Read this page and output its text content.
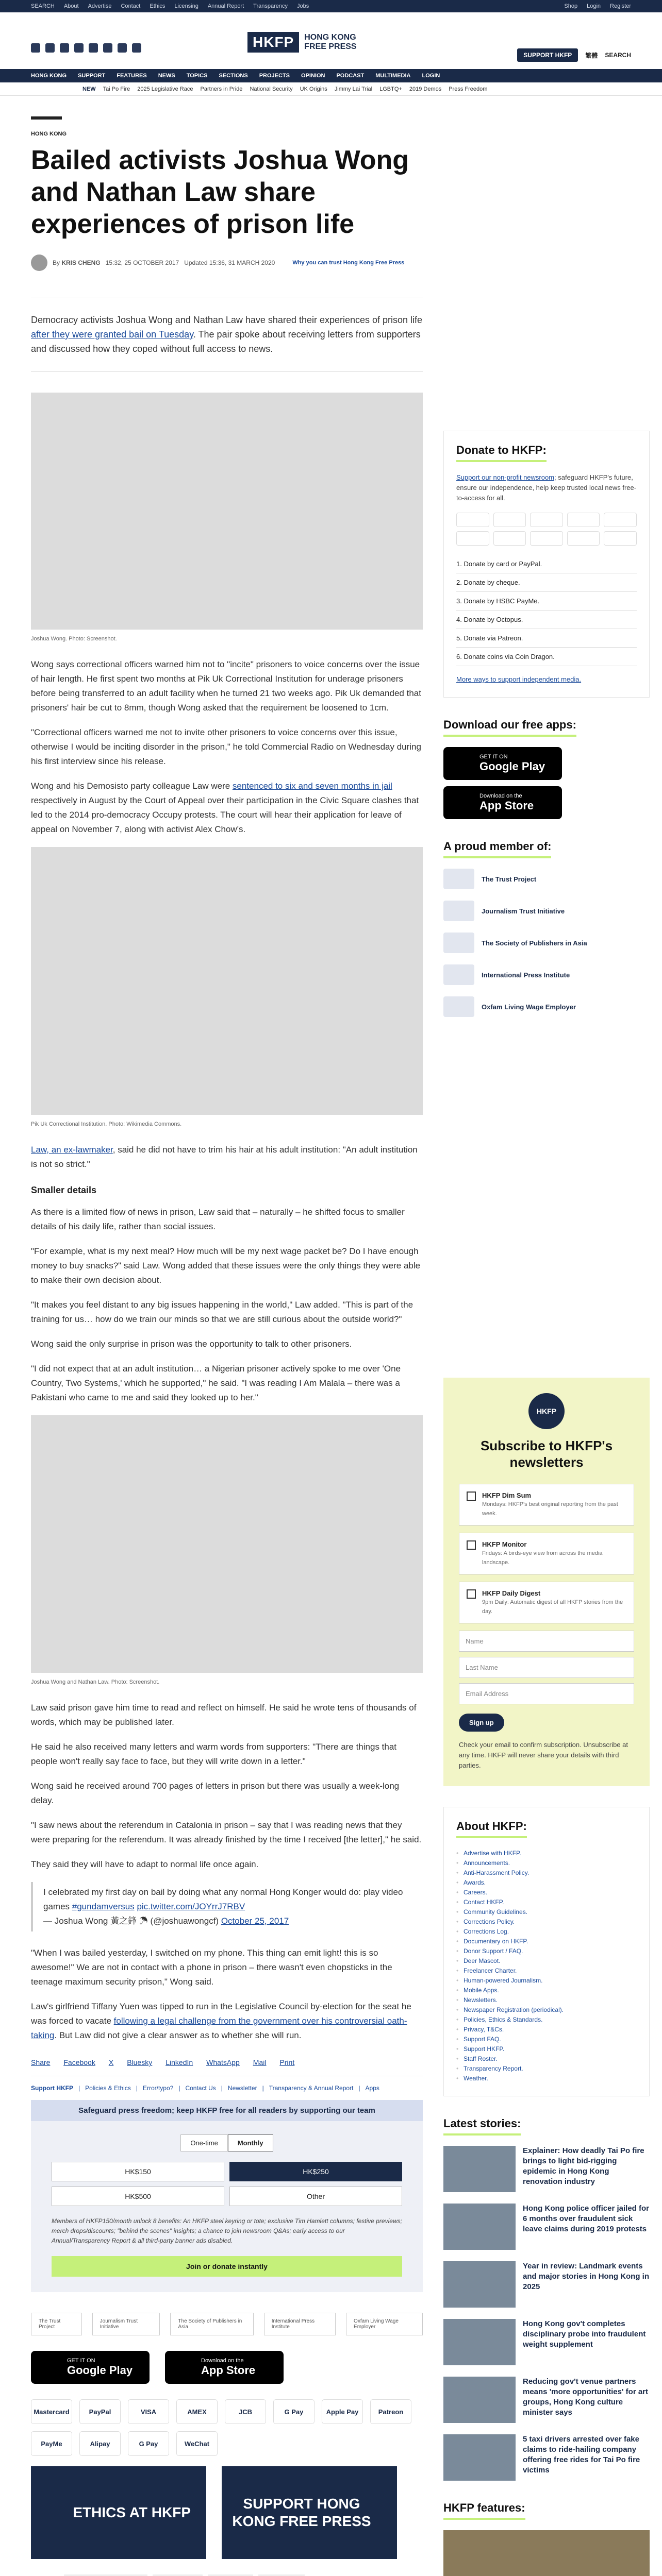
SEARCH About Advertise Contact Ethics Licensing Annual Report Transparency Jobs	Shop Login Register
HKFP	HONG KONG
FREE PRESS
SUPPORT HKFP	繁體 SEARCH
HONG KONG SUPPORT FEATURES NEWS TOPICS SECTIONS PROJECTS OPINION PODCAST MULTIMEDIA LOGIN
NEW Tai Po Fire 2025 Legislative Race Partners in Pride National Security UK Origins Jimmy Lai Trial LGBTQ+ 2019 Demos Press Freedom
HONG KONG
Bailed activists Joshua Wong and Nathan Law share experiences of prison life
By KRIS CHENG 15:32, 25 OCTOBER 2017 Updated 15:36, 31 MARCH 2020	Why you can trust Hong Kong Free Press
Democracy activists Joshua Wong and Nathan Law have shared their experiences of prison life after they were granted bail on Tuesday. The pair spoke about receiving letters from supporters and discussed how they coped without full access to news.
Joshua Wong. Photo: Screenshot.

Wong says correctional officers warned him not to "incite" prisoners to voice concerns over the issue of hair length. He first spent two months at Pik Uk Correctional Institution for underage prisoners before being transferred to an adult facility when he turned 21 two weeks ago. Pik Uk demanded that prisoners' hair be cut to 8mm, though Wong asked that the requirement be loosened to 1cm.

"Correctional officers warned me not to invite other prisoners to voice concerns over this issue, otherwise I would be inciting disorder in the prison," he told Commercial Radio on Wednesday during his first interview since his release.

Wong and his Demosisto party colleague Law were sentenced to six and seven months in jail respectively in August by the Court of Appeal over their participation in the Civic Square clashes that led to the 2014 pro-democracy Occupy protests. The court will hear their application for leave of appeal on November 7, along with activist Alex Chow's.

Pik Uk Correctional Institution. Photo: Wikimedia Commons.

Law, an ex-lawmaker, said he did not have to trim his hair at his adult institution: "An adult institution is not so strict."

Smaller details

As there is a limited flow of news in prison, Law said that – naturally – he shifted focus to smaller details of his daily life, rather than social issues.

"For example, what is my next meal? How much will be my next wage packet be? Do I have enough money to buy snacks?" said Law. Wong added that these issues were the only things they were able to make their own decision about.

"It makes you feel distant to any big issues happening in the world," Law added. "This is part of the training for us… how do we train our minds so that we are still curious about the outside world?"

Wong said the only surprise in prison was the opportunity to talk to other prisoners.

"I did not expect that at an adult institution… a Nigerian prisoner actively spoke to me over 'One Country, Two Systems,' which he supported," he said. "I was reading I Am Malala – there was a Pakistani who came to me and said they looked up to her."

Joshua Wong and Nathan Law. Photo: Screenshot.

Law said prison gave him time to read and reflect on himself. He said he wrote tens of thousands of words, which may be published later.

He said he also received many letters and warm words from supporters: "There are things that people won't really say face to face, but they will write down in a letter."

Wong said he received around 700 pages of letters in prison but there was usually a week-long delay.

"I saw news about the referendum in Catalonia in prison – say that I was reading news that they were preparing for the referendum. It was already finished by the time I received [the letter]," he said.

They said they will have to adapt to normal life once again.

I celebrated my first day on bail by doing what any normal Hong Konger would do: play video games #gundamversus pic.twitter.com/JOYrrJ7RBV
— Joshua Wong 黃之鋒 ☂ (@joshuawongcf) October 25, 2017

"When I was bailed yesterday, I switched on my phone. This thing can emit light! this is so awesome!" We are not in contact with a phone in prison – there wasn't even chopsticks in the teenage maximum security prison," Wong said.

Law's girlfriend Tiffany Yuen was tipped to run in the Legislative Council by-election for the seat he was forced to vacate following a legal challenge from the government over his controversial oath-taking. But Law did not give a clear answer as to whether she will run.

Share Facebook X Bluesky LinkedIn WhatsApp Mail Print
Support HKFP | Policies & Ethics | Error/typo? | Contact Us | Newsletter | Transparency & Annual Report | Apps
Safeguard press freedom; keep HKFP free for all readers by supporting our team
One-time	Monthly
HK$150	HK$250
HK$500	Other
Members of HKFP150/month unlock 8 benefits: An HKFP steel keyring or tote; exclusive Tim Hamlett columns; festive previews; merch drops/discounts; "behind the scenes" insights; a chance to join newsroom Q&As; early access to our Annual/Transparency Report & all third-party banner ads disabled.
Join or donate instantly
The Trust Project
Journalism Trust Initiative
The Society of Publishers in Asia
International Press Institute
Oxfam Living Wage Employer
GET IT ON
Google Play
Download on the
App Store
Mastercard	PayPal	VISA	AMEX	JCB	G Pay	Apple Pay	Patreon
PayMe	Alipay	G Pay	WeChat
ETHICS AT HKFP
SUPPORT HONG KONG FREE PRESS
Donate to HKFP:

Support our non-profit newsroom; safeguard HKFP's future, ensure our independence, help keep trusted local news free-to-access for all.

1. Donate by card or PayPal.
2. Donate by cheque.
3. Donate by HSBC PayMe.
4. Donate by Octopus.
5. Donate via Patreon.
6. Donate coins via Coin Dragon.

More ways to support independent media.

Download our free apps:
GET IT ON
Google Play
Download on the
App Store
A proud member of:
The Trust Project
Journalism Trust Initiative
The Society of Publishers in Asia
International Press Institute
Oxfam Living Wage Employer
HKFP
Subscribe to HKFP's newsletters
HKFP Dim Sum
Mondays: HKFP's best original reporting from the past week.
HKFP Monitor
Fridays: A birds-eye view from across the media landscape.
HKFP Daily Digest
9pm Daily: Automatic digest of all HKFP stories from the day.
Name
Last Name
Email Address
Sign up

Check your email to confirm subscription. Unsubscribe at any time. HKFP will never share your details with third parties.

About HKFP:
• Advertise with HKFP.
• Announcements.
• Anti-Harassment Policy.
• Awards.
• Careers.
• Contact HKFP.
• Community Guidelines.
• Corrections Policy.
• Corrections Log.
• Documentary on HKFP.
• Donor Support / FAQ.
• Deer Mascot.
• Freelancer Charter.
• Human-powered Journalism.
• Mobile Apps.
• Newsletters.
• Newspaper Registration (periodical).
• Policies, Ethics & Standards.
• Privacy, T&Cs.
• Support FAQ.
• Support HKFP.
• Staff Roster.
• Transparency Report.
• Weather.
Latest stories:
Explainer: How deadly Tai Po fire brings to light bid-rigging epidemic in Hong Kong renovation industry
Hong Kong police officer jailed for 6 months over fraudulent sick leave claims during 2019 protests
Year in review: Landmark events and major stories in Hong Kong in 2025
Hong Kong gov't completes disciplinary probe into fraudulent weight supplement
Reducing gov't venue partners means 'more opportunities' for art groups, Hong Kong culture minister says
5 taxi drivers arrested over fake claims to ride-hailing company offering free rides for Tai Po fire victims
HKFP features:
